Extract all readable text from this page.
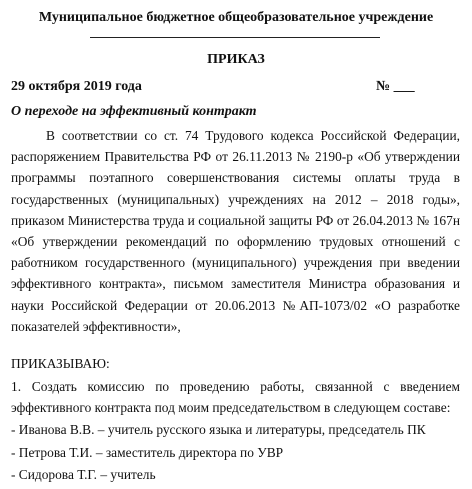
Муниципальное бюджетное общеобразовательное учреждение
ПРИКАЗ
29 октября 2019 года	№ ___
О переходе на эффективный контракт
В соответствии со ст. 74 Трудового кодекса Российской Федерации,
распоряжением Правительства РФ от 26.11.2013 № 2190-р «Об утверждении
программы поэтапного совершенствования системы оплаты труда в
государственных (муниципальных) учреждениях на 2012 – 2018 годы»,
приказом Министерства труда и социальной защиты РФ от 26.04.2013 № 167н
«Об утверждении рекомендаций по оформлению трудовых отношений с
работником государственного (муниципального) учреждения при введении
эффективного контракта», письмом заместителя Министра образования и
науки Российской Федерации от 20.06.2013 №АП-1073/02 «О разработке
показателей эффективности»,
ПРИКАЗЫВАЮ:
1. Создать комиссию по проведению работы, связанной с введением
эффективного контракта под моим председательством в следующем составе:
- Иванова В.В. – учитель русского языка и литературы, председатель ПК
- Петрова Т.И. – заместитель директора по УВР
- Сидорова Т.Г. – учитель
